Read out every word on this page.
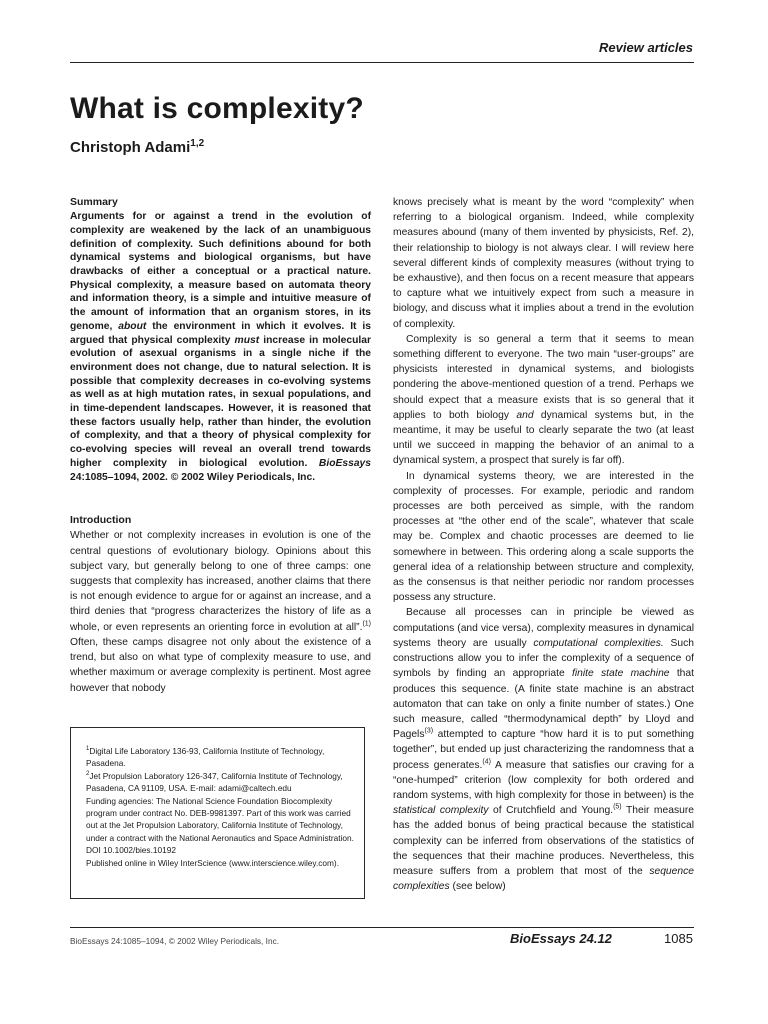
Review articles
What is complexity?
Christoph Adami$^{1,2}$
Summary

Arguments for or against a trend in the evolution of complexity are weakened by the lack of an unambiguous definition of complexity. Such definitions abound for both dynamical systems and biological organisms, but have drawbacks of either a conceptual or a practical nature. Physical complexity, a measure based on automata theory and information theory, is a simple and intuitive measure of the amount of information that an organism stores, in its genome, about the environment in which it evolves. It is argued that physical complexity must increase in molecular evolution of asexual organisms in a single niche if the environment does not change, due to natural selection. It is possible that complexity decreases in co-evolving systems as well as at high mutation rates, in sexual populations, and in time-dependent landscapes. However, it is reasoned that these factors usually help, rather than hinder, the evolution of complexity, and that a theory of physical complexity for co-evolving species will reveal an overall trend towards higher complexity in biological evolution. BioEssays 24:1085–1094, 2002. © 2002 Wiley Periodicals, Inc.

Introduction

Whether or not complexity increases in evolution is one of the central questions of evolutionary biology. Opinions about this subject vary, but generally belong to one of three camps: one suggests that complexity has increased, another claims that there is not enough evidence to argue for or against an increase, and a third denies that “progress characterizes the history of life as a whole, or even represents an orienting force in evolution at all”.$^{(1)}$ Often, these camps disagree not only about the existence of a trend, but also on what type of complexity measure to use, and whether maximum or average complexity is pertinent. Most agree however that nobody

knows precisely what is meant by the word “complexity” when referring to a biological organism. Indeed, while complexity measures abound (many of them invented by physicists, Ref. 2), their relationship to biology is not always clear. I will review here several different kinds of complexity measures (without trying to be exhaustive), and then focus on a recent measure that appears to capture what we intuitively expect from such a measure in biology, and discuss what it implies about a trend in the evolution of complexity.

Complexity is so general a term that it seems to mean something different to everyone. The two main “user-groups” are physicists interested in dynamical systems, and biologists pondering the above-mentioned question of a trend. Perhaps we should expect that a measure exists that is so general that it applies to both biology and dynamical systems but, in the meantime, it may be useful to clearly separate the two (at least until we succeed in mapping the behavior of an animal to a dynamical system, a prospect that surely is far off).

In dynamical systems theory, we are interested in the complexity of processes. For example, periodic and random processes are both perceived as simple, with the random processes at “the other end of the scale”, whatever that scale may be. Complex and chaotic processes are deemed to lie somewhere in between. This ordering along a scale supports the general idea of a relationship between structure and complexity, as the consensus is that neither periodic nor random processes possess any structure.

Because all processes can in principle be viewed as computations (and vice versa), complexity measures in dynamical systems theory are usually computational complexities. Such constructions allow you to infer the complexity of a sequence of symbols by finding an appropriate finite state machine that produces this sequence. (A finite state machine is an abstract automaton that can take on only a finite number of states.) One such measure, called “thermodynamical depth” by Lloyd and Pagels$^{(3)}$ attempted to capture “how hard it is to put something together”, but ended up just characterizing the randomness that a process generates.$^{(4)}$ A measure that satisfies our craving for a “one-humped” criterion (low complexity for both ordered and random systems, with high complexity for those in between) is the statistical complexity of Crutchfield and Young.$^{(5)}$ Their measure has the added bonus of being practical because the statistical complexity can be inferred from observations of the statistics of the sequences that their machine produces. Nevertheless, this measure suffers from a problem that most of the sequence complexities (see below)

$^1$Digital Life Laboratory 136-93, California Institute of Technology, Pasadena.

$^2$Jet Propulsion Laboratory 126-347, California Institute of Technology, Pasadena, CA 91109, USA. E-mail: adami@caltech.edu

Funding agencies: The National Science Foundation Biocomplexity program under contract No. DEB-9981397. Part of this work was carried out at the Jet Propulsion Laboratory, California Institute of Technology, under a contract with the National Aeronautics and Space Administration.

DOI 10.1002/bies.10192

Published online in Wiley InterScience (www.interscience.wiley.com).

BioEssays 24:1085–1094, © 2002 Wiley Periodicals, Inc.	BioEssays 24.12	1085
